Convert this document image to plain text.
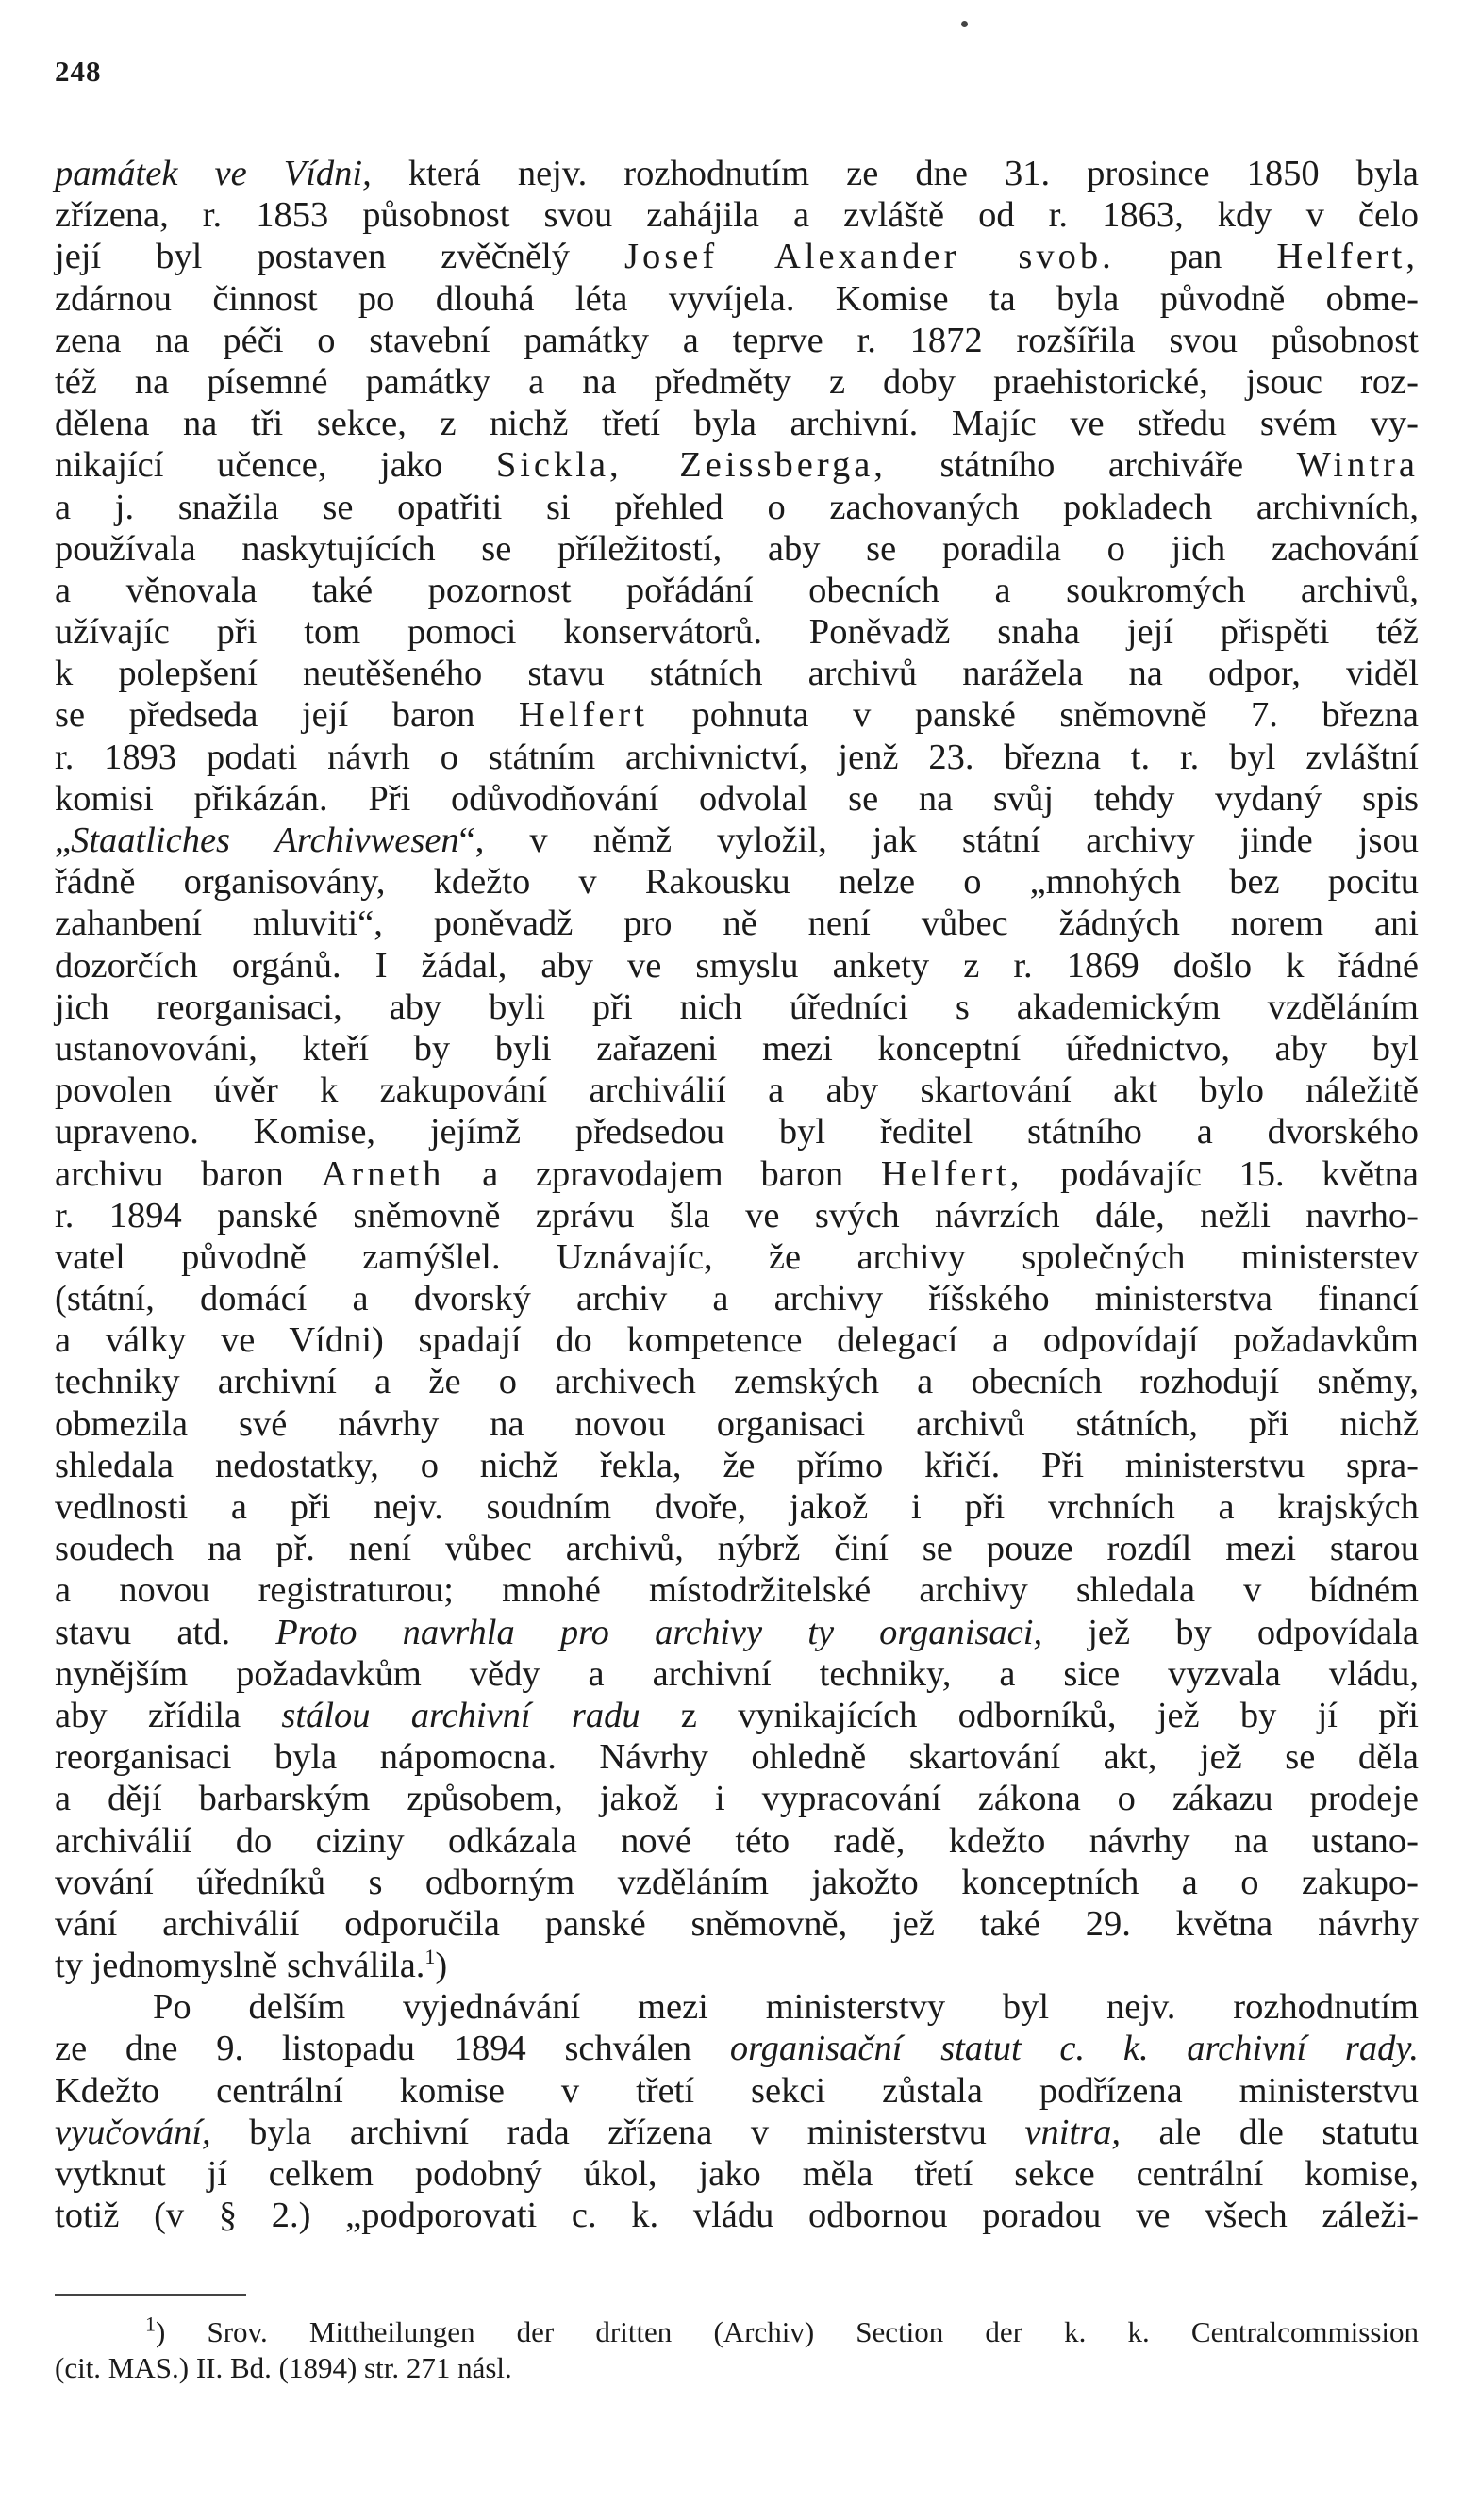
248
památek ve Vídni, která nejv. rozhodnutím ze dne 31. prosince 1850 byla
zřízena, r. 1853 působnost svou zahájila a zvláště od r. 1863, kdy v čelo
její byl postaven zvěčnělý Josef Alexander svob. pan Helfert,
zdárnou činnost po dlouhá léta vyvíjela. Komise ta byla původně obme-
zena na péči o stavební památky a teprve r. 1872 rozšířila svou působnost
též na písemné památky a na předměty z doby praehistorické, jsouc roz-
dělena na tři sekce, z nichž třetí byla archivní. Majíc ve středu svém vy-
nikající učence, jako Sickla, Zeissberga, státního archiváře Wintra
a j. snažila se opatřiti si přehled o zachovaných pokladech archivních,
používala naskytujících se příležitostí, aby se poradila o jich zachování
a věnovala také pozornost pořádání obecních a soukromých archivů,
užívajíc při tom pomoci konservátorů. Poněvadž snaha její přispěti též
k polepšení neutěšeného stavu státních archivů narážela na odpor, viděl
se předseda její baron Helfert pohnuta v panské sněmovně 7. března
r. 1893 podati návrh o státním archivnictví, jenž 23. března t. r. byl zvláštní
komisi přikázán. Při odůvodňování odvolal se na svůj tehdy vydaný spis
„Staatliches Archivwesen“, v němž vyložil, jak státní archivy jinde jsou
řádně organisovány, kdežto v Rakousku nelze o „mnohých bez pocitu
zahanbení mluviti“, poněvadž pro ně není vůbec žádných norem ani
dozorčích orgánů. I žádal, aby ve smyslu ankety z r. 1869 došlo k řádné
jich reorganisaci, aby byli při nich úředníci s akademickým vzděláním
ustanovováni, kteří by byli zařazeni mezi konceptní úřednictvo, aby byl
povolen úvěr k zakupování archiválií a aby skartování akt bylo náležitě
upraveno. Komise, jejímž předsedou byl ředitel státního a dvorského
archivu baron Arneth a zpravodajem baron Helfert, podávajíc 15. května
r. 1894 panské sněmovně zprávu šla ve svých návrzích dále, nežli navrho-
vatel původně zamýšlel. Uznávajíc, že archivy společných ministerstev
(státní, domácí a dvorský archiv a archivy říšského ministerstva financí
a války ve Vídni) spadají do kompetence delegací a odpovídají požadavkům
techniky archivní a že o archivech zemských a obecních rozhodují sněmy,
obmezila své návrhy na novou organisaci archivů státních, při nichž
shledala nedostatky, o nichž řekla, že přímo křičí. Při ministerstvu spra-
vedlnosti a při nejv. soudním dvoře, jakož i při vrchních a krajských
soudech na př. není vůbec archivů, nýbrž činí se pouze rozdíl mezi starou
a novou registraturou; mnohé místodržitelské archivy shledala v bídném
stavu atd. Proto navrhla pro archivy ty organisaci, jež by odpovídala
nynějším požadavkům vědy a archivní techniky, a sice vyzvala vládu,
aby zřídila stálou archivní radu z vynikajících odborníků, jež by jí při
reorganisaci byla nápomocna. Návrhy ohledně skartování akt, jež se děla
a dějí barbarským způsobem, jakož i vypracování zákona o zákazu prodeje
archiválií do ciziny odkázala nové této radě, kdežto návrhy na ustano-
vování úředníků s odborným vzděláním jakožto konceptních a o zakupo-
vání archiválií odporučila panské sněmovně, jež také 29. května návrhy
ty jednomyslně schválila.$^1$)
Po delším vyjednávání mezi ministerstvy byl nejv. rozhodnutím
ze dne 9. listopadu 1894 schválen organisační statut c. k. archivní rady.
Kdežto centrální komise v třetí sekci zůstala podřízena ministerstvu
vyučování, byla archivní rada zřízena v ministerstvu vnitra, ale dle statutu
vytknut jí celkem podobný úkol, jako měla třetí sekce centrální komise,
totiž (v § 2.) „podporovati c. k. vládu odbornou poradou ve všech záleži-
$^1$) Srov. Mittheilungen der dritten (Archiv) Section der k. k. Centralcommission
(cit. MAS.) II. Bd. (1894) str. 271 násl.
